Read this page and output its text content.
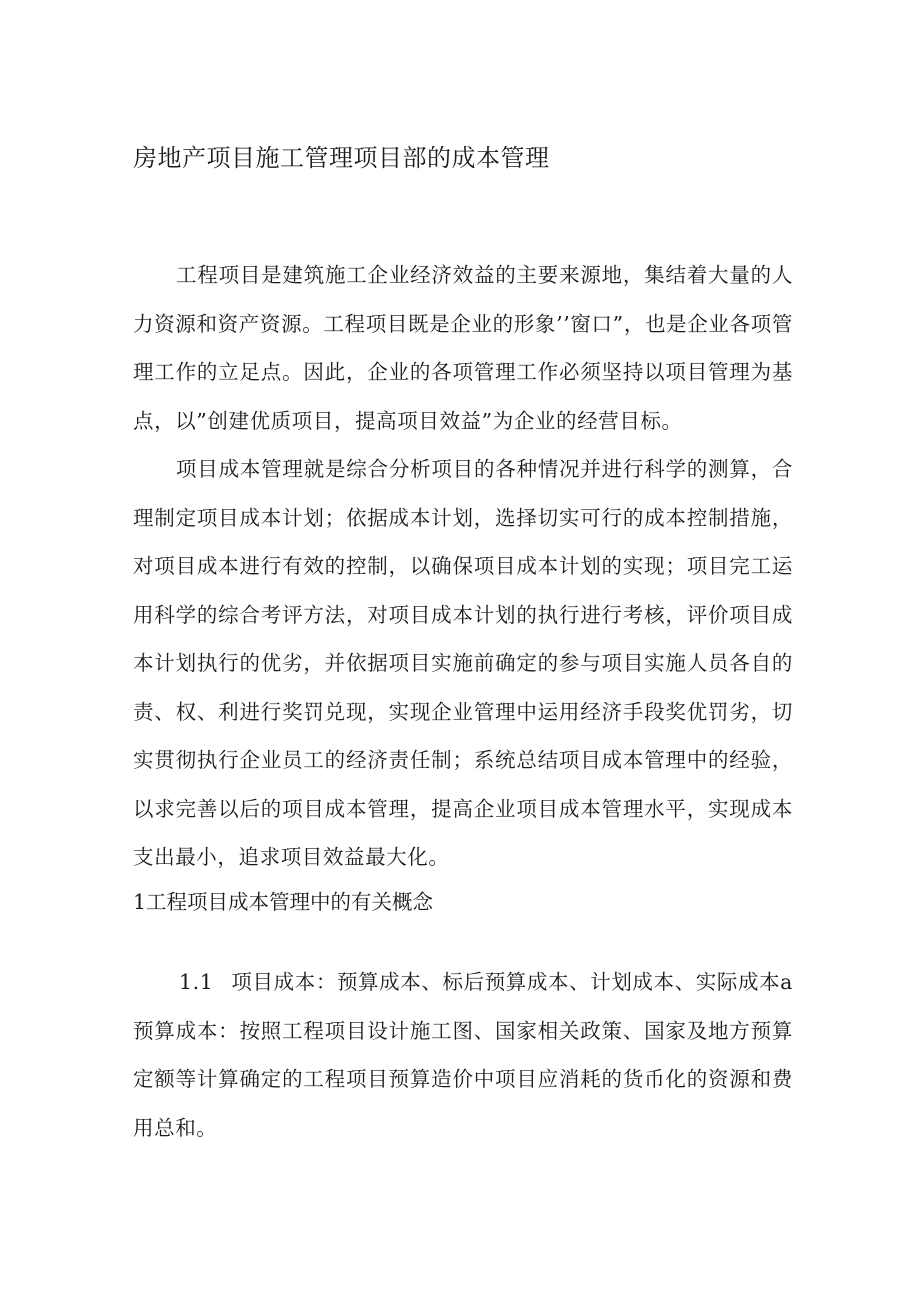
房地产项目施工管理项目部的成本管理

工程项目是建筑施工企业经济效益的主要来源地，集结着大量的人力资源和资产资源。工程项目既是企业的形象’’窗口”，也是企业各项管理工作的立足点。因此，企业的各项管理工作必须坚持以项目管理为基点，以”创建优质项目，提高项目效益”为企业的经营目标。

项目成本管理就是综合分析项目的各种情况并进行科学的测算，合理制定项目成本计划；依据成本计划，选择切实可行的成本控制措施，对项目成本进行有效的控制，以确保项目成本计划的实现；项目完工运用科学的综合考评方法，对项目成本计划的执行进行考核，评价项目成本计划执行的优劣，并依据项目实施前确定的参与项目实施人员各自的责、权、利进行奖罚兑现，实现企业管理中运用经济手段奖优罚劣，切实贯彻执行企业员工的经济责任制；系统总结项目成本管理中的经验，以求完善以后的项目成本管理，提高企业项目成本管理水平，实现成本支出最小，追求项目效益最大化。

1工程项目成本管理中的有关概念

1.1 项目成本：预算成本、标后预算成本、计划成本、实际成本a预算成本：按照工程项目设计施工图、国家相关政策、国家及地方预算定额等计算确定的工程项目预算造价中项目应消耗的货币化的资源和费用总和。
